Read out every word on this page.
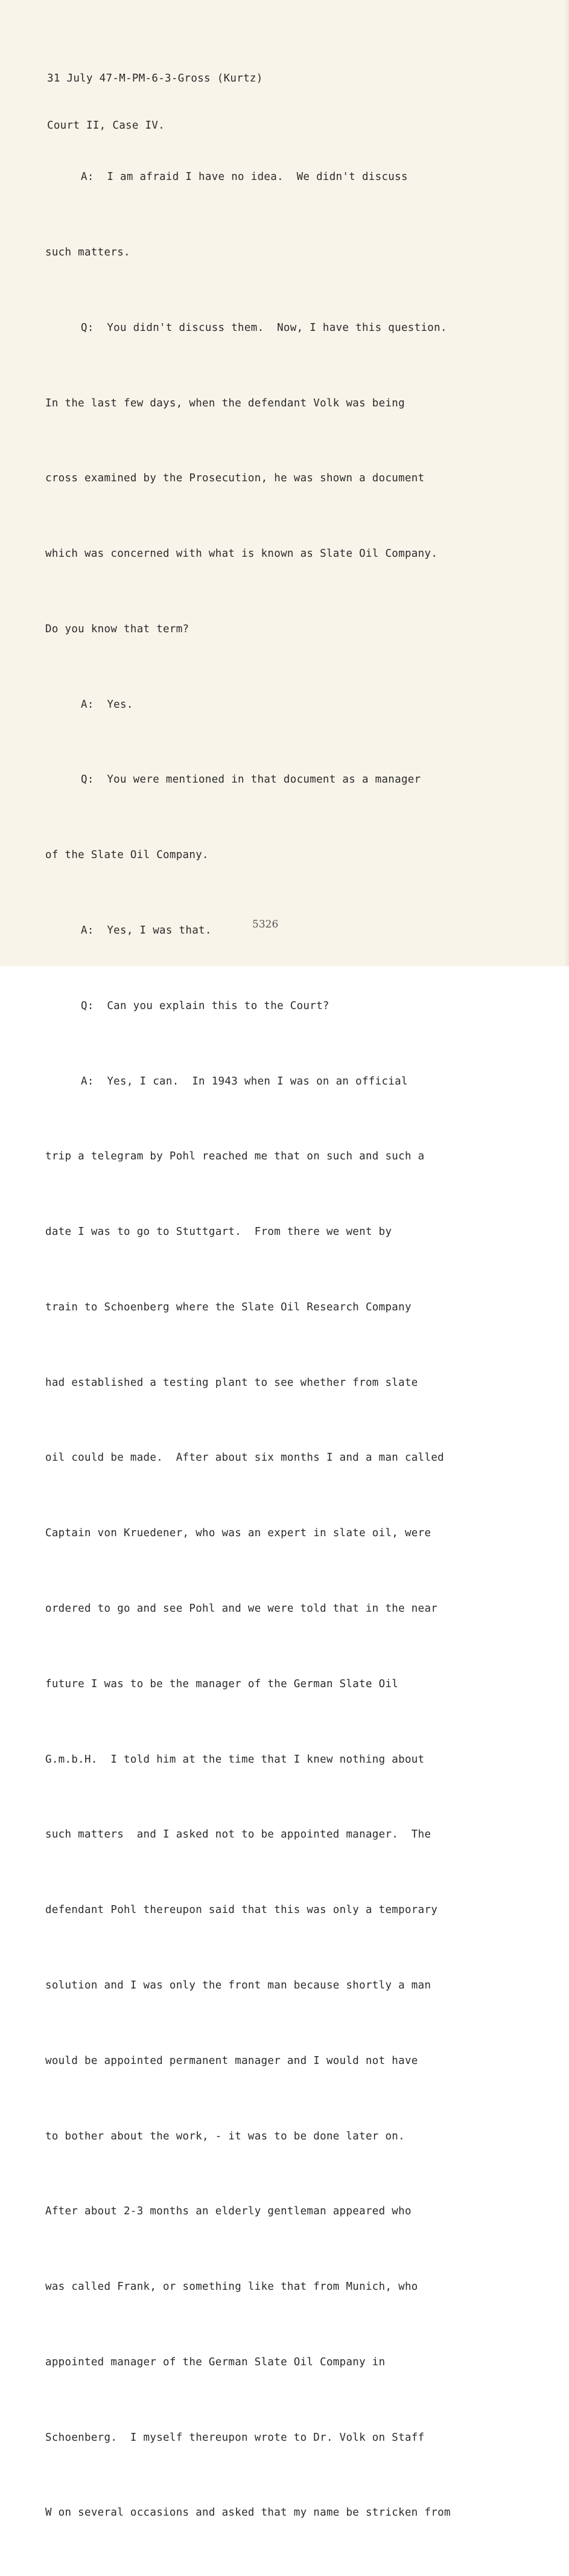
31 July 47-M-PM-6-3-Gross (Kurtz)

Court II, Case IV.

A:  I am afraid I have no idea.  We didn't discuss

such matters.

Q:  You didn't discuss them.  Now, I have this question.

In the last few days, when the defendant Volk was being

cross examined by the Prosecution, he was shown a document

which was concerned with what is known as Slate Oil Company.

Do you know that term?

A:  Yes.

Q:  You were mentioned in that document as a manager

of the Slate Oil Company.

A:  Yes, I was that.

Q:  Can you explain this to the Court?

A:  Yes, I can.  In 1943 when I was on an official

trip a telegram by Pohl reached me that on such and such a

date I was to go to Stuttgart.  From there we went by

train to Schoenberg where the Slate Oil Research Company

had established a testing plant to see whether from slate

oil could be made.  After about six months I and a man called

Captain von Kruedener, who was an expert in slate oil, were

ordered to go and see Pohl and we were told that in the near

future I was to be the manager of the German Slate Oil

G.m.b.H.  I told him at the time that I knew nothing about

such matters  and I asked not to be appointed manager.  The

defendant Pohl thereupon said that this was only a temporary

solution and I was only the front man because shortly a man

would be appointed permanent manager and I would not have

to bother about the work, - it was to be done later on.

After about 2-3 months an elderly gentleman appeared who

was called Frank, or something like that from Munich, who

appointed manager of the German Slate Oil Company in

Schoenberg.  I myself thereupon wrote to Dr. Volk on Staff

W on several occasions and asked that my name be stricken from

5326
